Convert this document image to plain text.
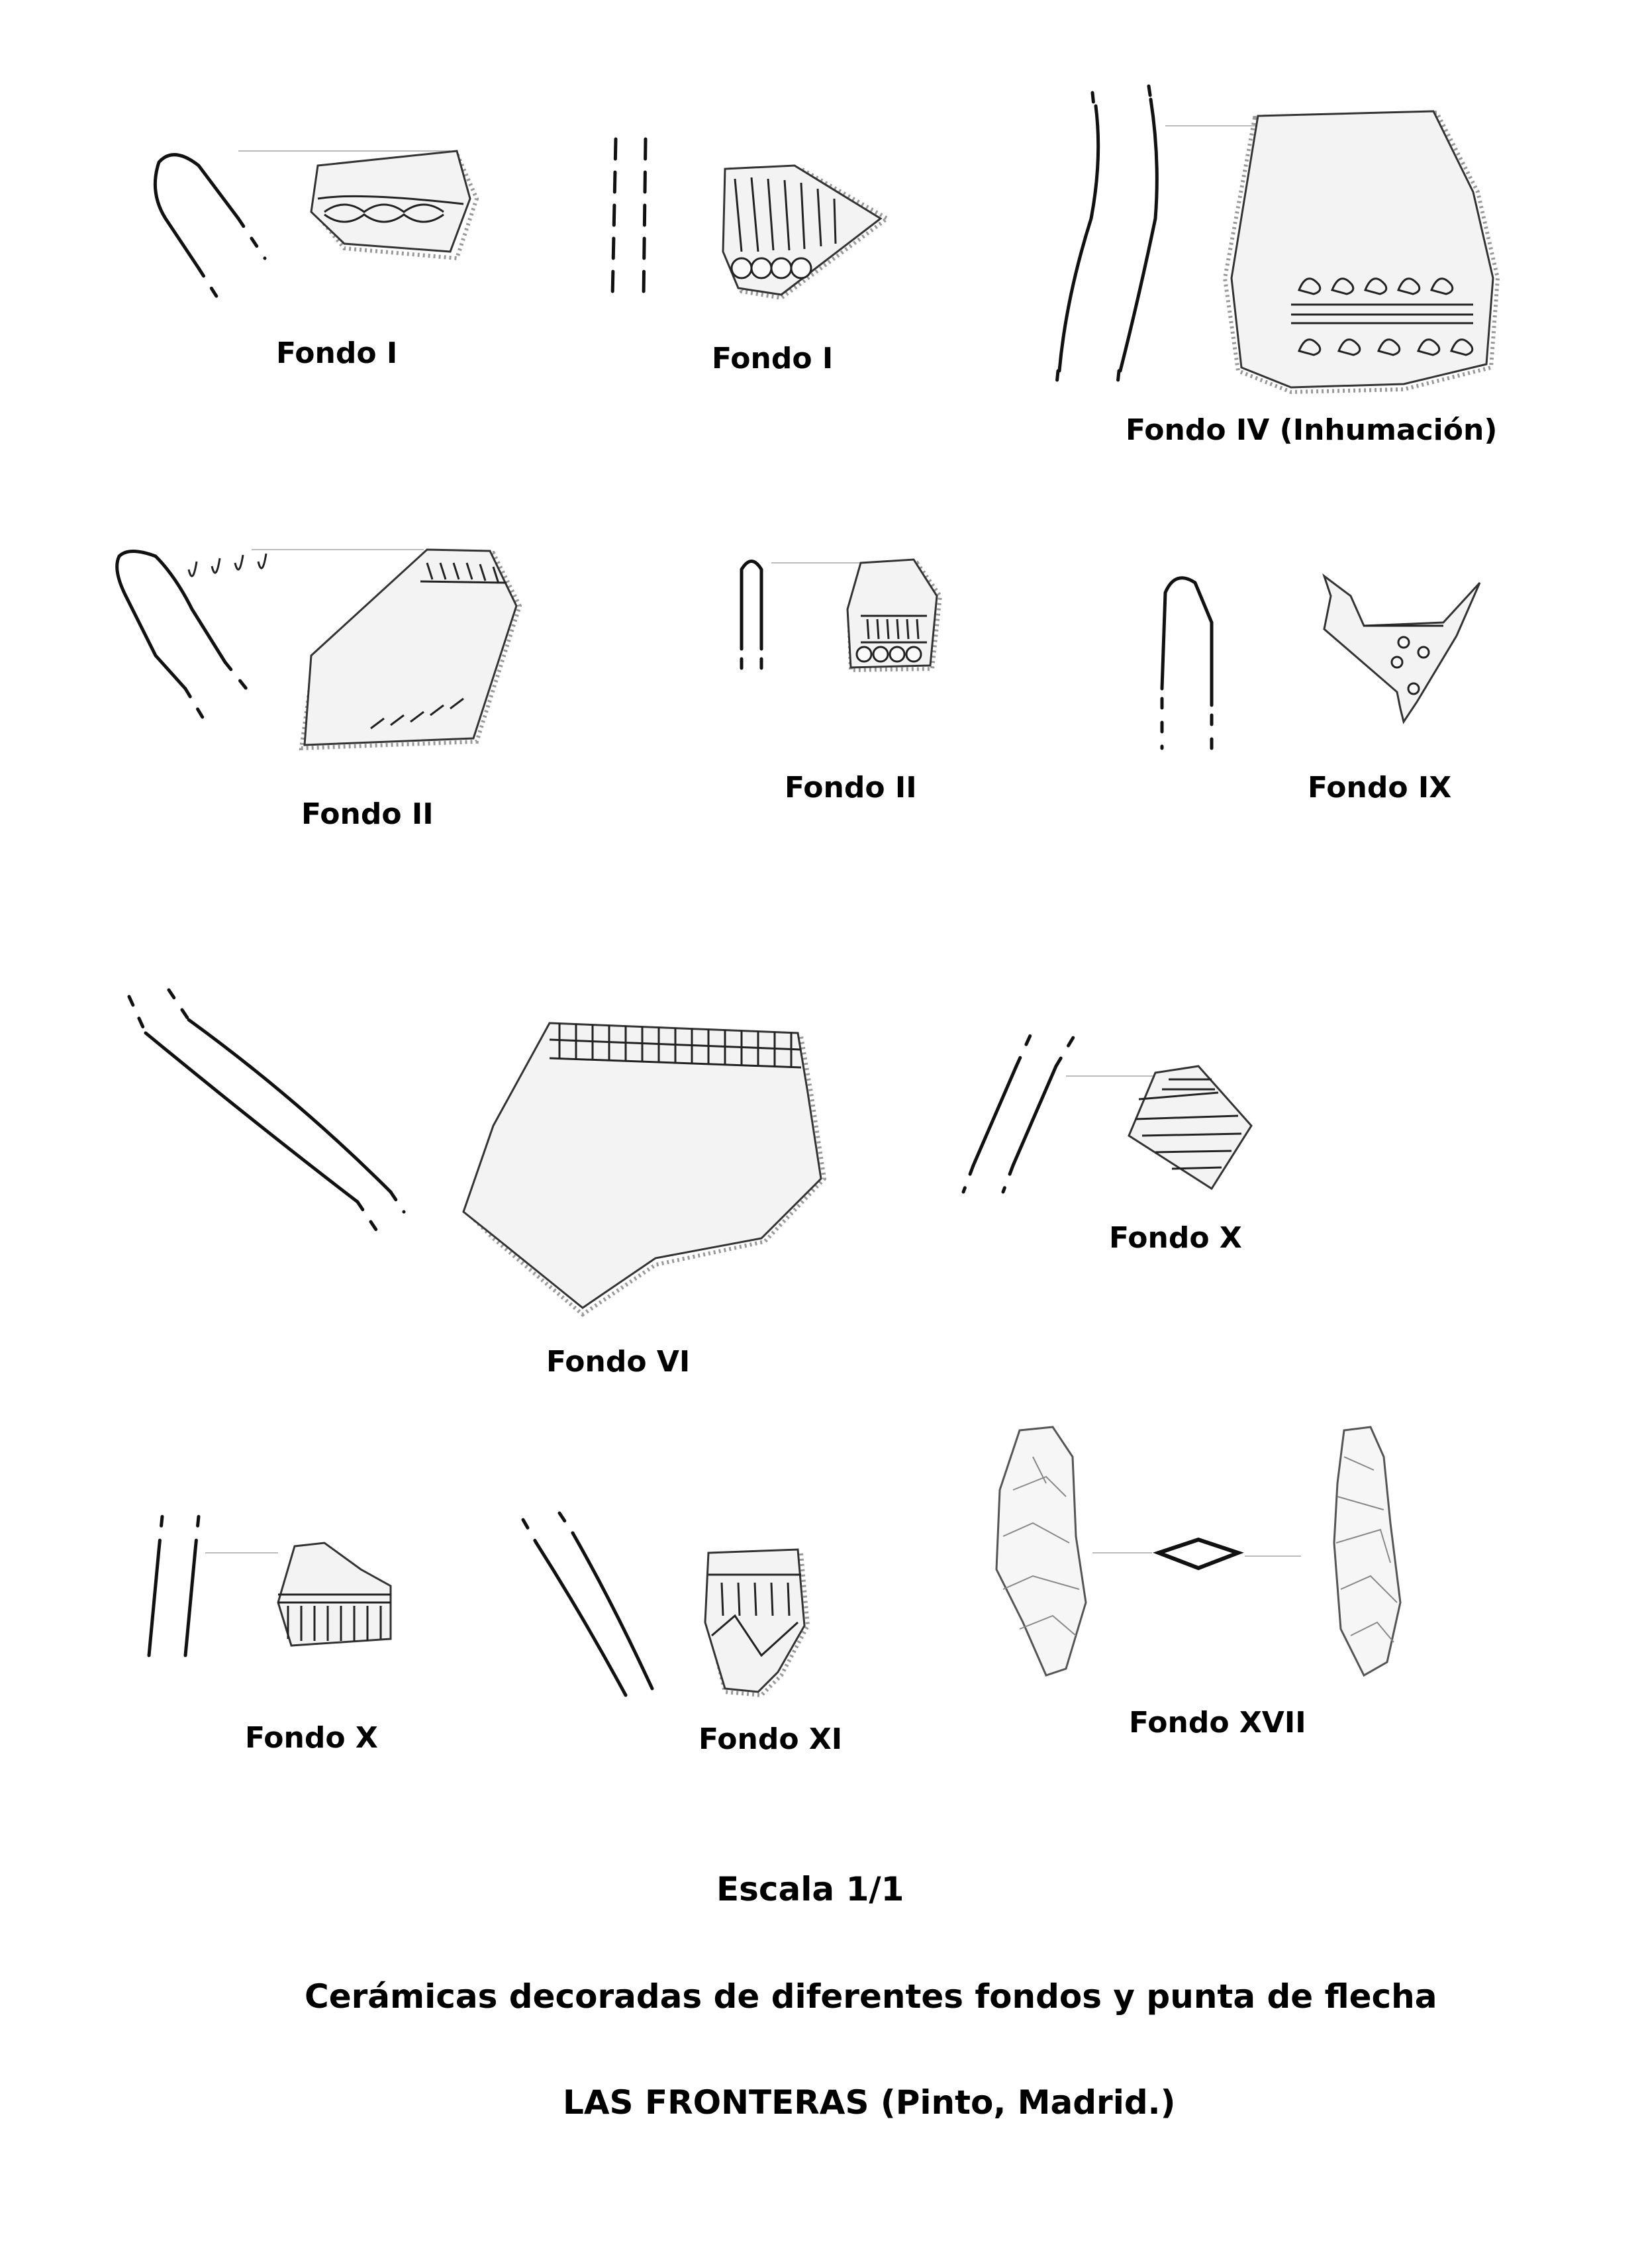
Fondo I	Fondo I
Fondo IV (Inhumación)
Fondo II
Fondo II	Fondo IX
Fondo VI
Fondo X
Fondo X	Fondo XI	Fondo XVII
Escala 1/1
Cerámicas decoradas de diferentes fondos y punta de flecha
LAS FRONTERAS (Pinto, Madrid.)
